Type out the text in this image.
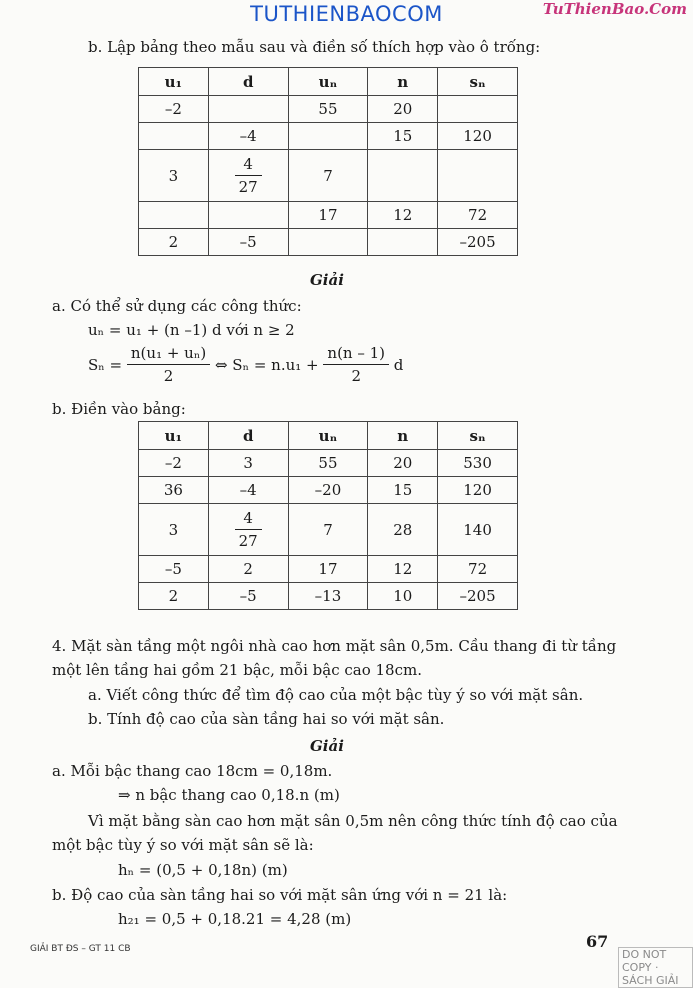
TUTHIENBAOCOM	TuThienBao.Com
b. Lập bảng theo mẫu sau và điền số thích hợp vào ô trống:
u₁	d	uₙ	n	sₙ
–2		55	20	
	–4		15	120
3	$\frac{4}{27}$	7		
		17	12	72
2	–5			–205
Giải
a. Có thể sử dụng các công thức:
uₙ = u₁ + (n –1) d với n ≥ 2
$S_n = \frac{\text{n(u₁ + uₙ)}}{2}$ ⇔ $S_n = n.u_1 + \frac{n(n - 1)}{2}$ d
b. Điền vào bảng:
u₁	d	uₙ	n	sₙ
–2	3	55	20	530
36	–4	–20	15	120
3	$\frac{4}{27}$	7	28	140
–5	2	17	12	72
2	–5	–13	10	–205
4. Mặt sàn tầng một ngôi nhà cao hơn mặt sân 0,5m. Cầu thang đi từ tầng
một lên tầng hai gồm 21 bậc, mỗi bậc cao 18cm.
a. Viết công thức để tìm độ cao của một bậc tùy ý so với mặt sân.
b. Tính độ cao của sàn tầng hai so với mặt sân.
Giải
a. Mỗi bậc thang cao 18cm = 0,18m.
⇒ n bậc thang cao 0,18.n (m)
Vì mặt bằng sàn cao hơn mặt sân 0,5m nên công thức tính độ cao của
một bậc tùy ý so với mặt sân sẽ là:
hₙ = (0,5 + 0,18n) (m)
b. Độ cao của sàn tầng hai so với mặt sân ứng với n = 21 là:
h₂₁ = 0,5 + 0,18.21 = 4,28 (m)
GIẢI BT ĐS – GT 11 CB	67
DO NOT COPY · SÁCH GIẢI
